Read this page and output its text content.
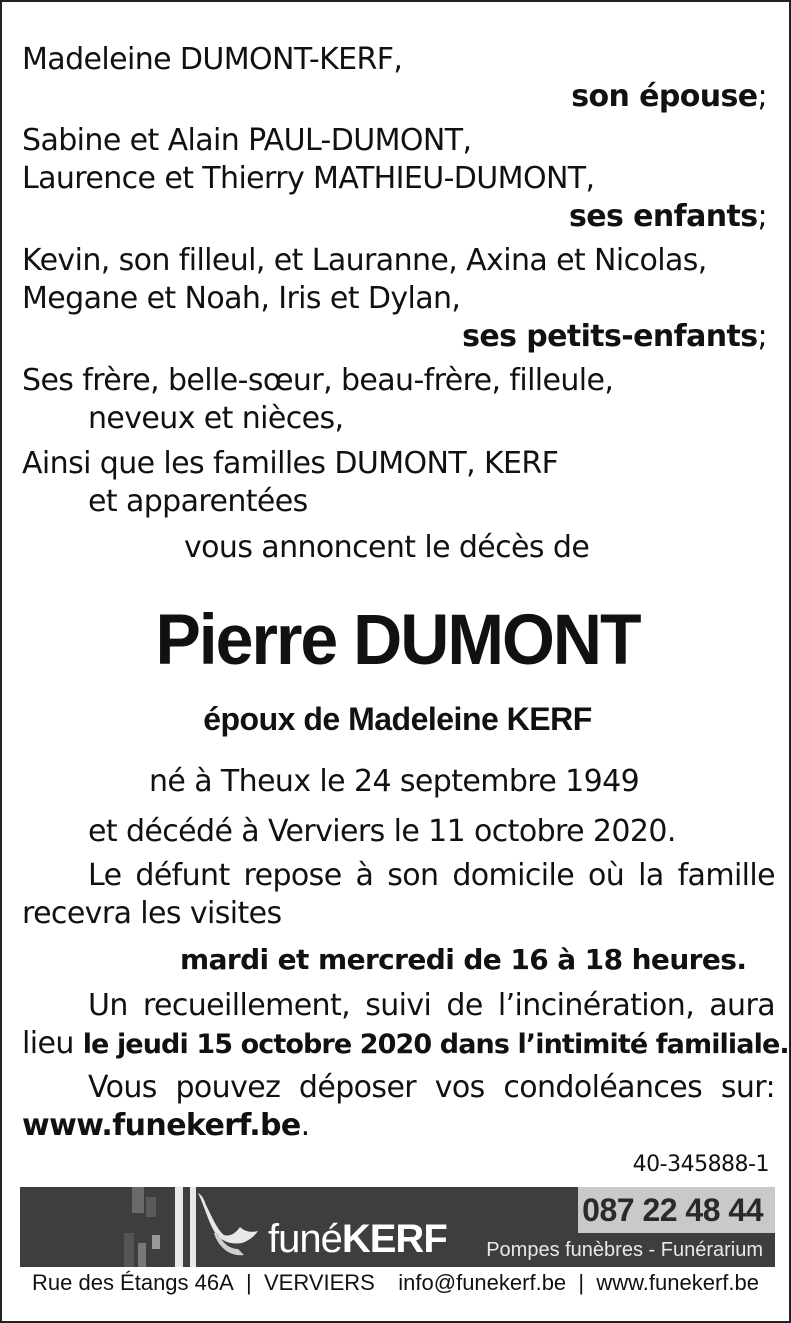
Madeleine DUMONT-KERF,
son épouse;
Sabine et Alain PAUL-DUMONT,
Laurence et Thierry MATHIEU-DUMONT,
ses enfants;
Kevin, son filleul, et Lauranne, Axina et Nicolas,
Megane et Noah, Iris et Dylan,
ses petits-enfants;
Ses frère, belle-sœur, beau-frère, filleule,
neveux et nièces,
Ainsi que les familles DUMONT, KERF
et apparentées
vous annoncent le décès de
Pierre DUMONT
époux de Madeleine KERF
né à Theux le 24 septembre 1949
et décédé à Verviers le 11 octobre 2020.
Le défunt repose à son domicile où la famille
recevra les visites
mardi et mercredi de 16 à 18 heures.
Un recueillement, suivi de l’incinération, aura
lieu le jeudi 15 octobre 2020 dans l’intimité familiale.
Vous pouvez déposer vos condoléances sur:
www.funekerf.be.
40-345888-1
funéKERF
087 22 48 44
Pompes funèbres - Funérarium
Rue des Étangs 46A | VERVIERS info@funekerf.be | www.funekerf.be
